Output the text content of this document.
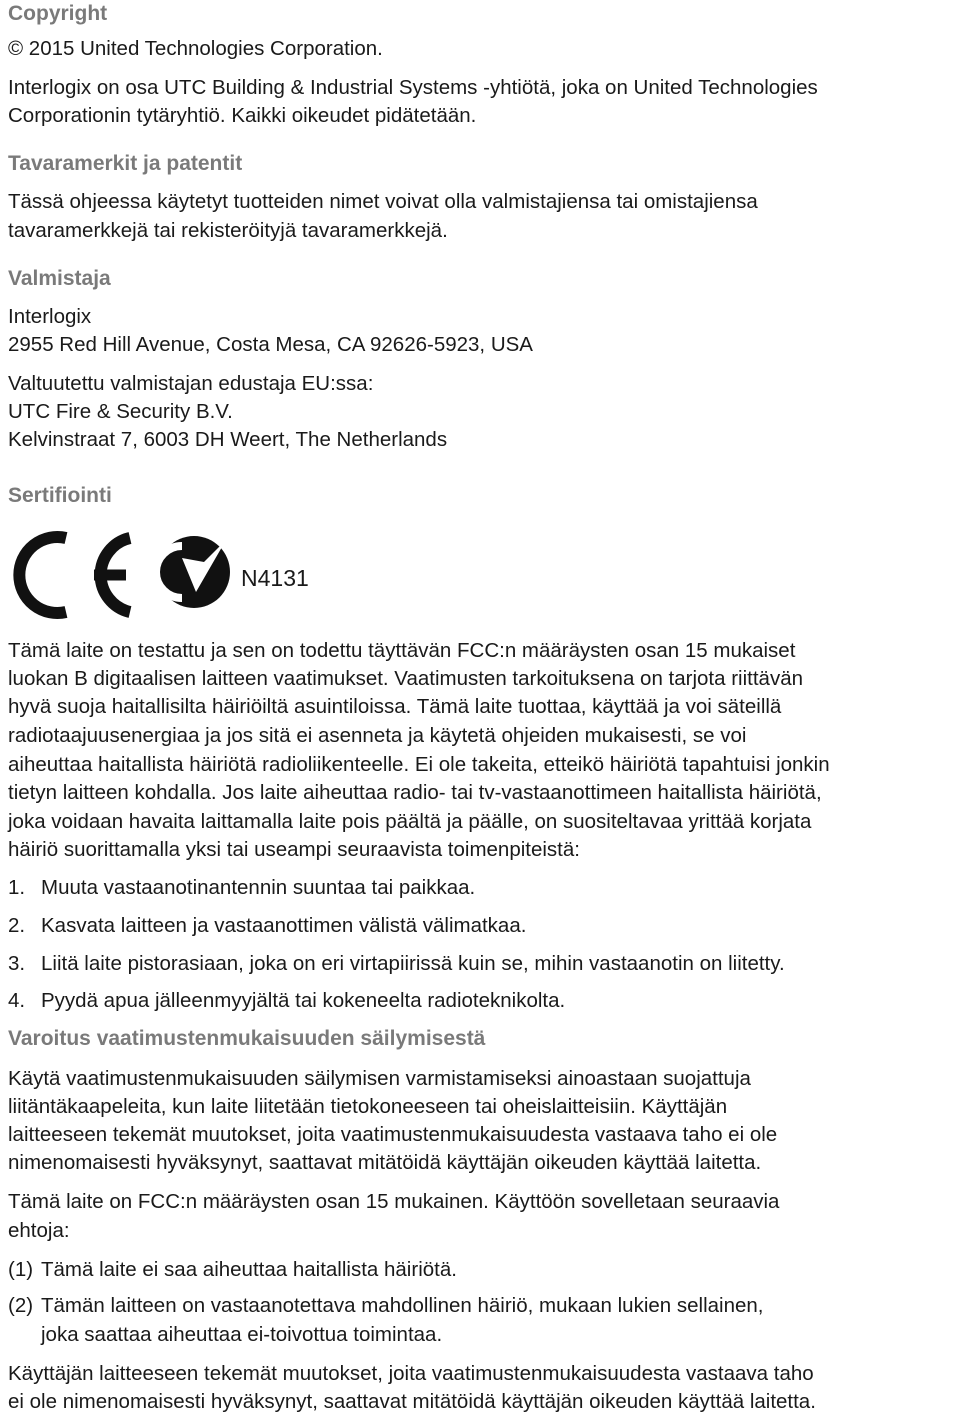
Copyright

© 2015 United Technologies Corporation.

Interlogix on osa UTC Building & Industrial Systems -yhtiötä, joka on United Technologies

Corporationin tytäryhtiö. Kaikki oikeudet pidätetään.

Tavaramerkit ja patentit

Tässä ohjeessa käytetyt tuotteiden nimet voivat olla valmistajiensa tai omistajiensa

tavaramerkkejä tai rekisteröityjä tavaramerkkejä.

Valmistaja

Interlogix

2955 Red Hill Avenue, Costa Mesa, CA 92626-5923, USA

Valtuutettu valmistajan edustaja EU:ssa:

UTC Fire & Security B.V.

Kelvinstraat 7, 6003 DH Weert, The Netherlands

Sertifiointi
N4131

Tämä laite on testattu ja sen on todettu täyttävän FCC:n määräysten osan 15 mukaiset

luokan B digitaalisen laitteen vaatimukset. Vaatimusten tarkoituksena on tarjota riittävän

hyvä suoja haitallisilta häiriöiltä asuintiloissa. Tämä laite tuottaa, käyttää ja voi säteillä

radiotaajuusenergiaa ja jos sitä ei asenneta ja käytetä ohjeiden mukaisesti, se voi

aiheuttaa haitallista häiriötä radioliikenteelle. Ei ole takeita, etteikö häiriötä tapahtuisi jonkin

tietyn laitteen kohdalla. Jos laite aiheuttaa radio- tai tv-vastaanottimeen haitallista häiriötä,

joka voidaan havaita laittamalla laite pois päältä ja päälle, on suositeltavaa yrittää korjata

häiriö suorittamalla yksi tai useampi seuraavista toimenpiteistä:

1. Muuta vastaanotinantennin suuntaa tai paikkaa.
2. Kasvata laitteen ja vastaanottimen välistä välimatkaa.
3. Liitä laite pistorasiaan, joka on eri virtapiirissä kuin se, mihin vastaanotin on liitetty.
4. Pyydä apua jälleenmyyjältä tai kokeneelta radioteknikolta.
Varoitus vaatimustenmukaisuuden säilymisestä

Käytä vaatimustenmukaisuuden säilymisen varmistamiseksi ainoastaan suojattuja

liitäntäkaapeleita, kun laite liitetään tietokoneeseen tai oheislaitteisiin. Käyttäjän

laitteeseen tekemät muutokset, joita vaatimustenmukaisuudesta vastaava taho ei ole

nimenomaisesti hyväksynyt, saattavat mitätöidä käyttäjän oikeuden käyttää laitetta.

Tämä laite on FCC:n määräysten osan 15 mukainen. Käyttöön sovelletaan seuraavia

ehtoja:

(1) Tämä laite ei saa aiheuttaa haitallista häiriötä.

(2) Tämän laitteen on vastaanotettava mahdollinen häiriö, mukaan lukien sellainen,

joka saattaa aiheuttaa ei-toivottua toimintaa.

Käyttäjän laitteeseen tekemät muutokset, joita vaatimustenmukaisuudesta vastaava taho

ei ole nimenomaisesti hyväksynyt, saattavat mitätöidä käyttäjän oikeuden käyttää laitetta.
